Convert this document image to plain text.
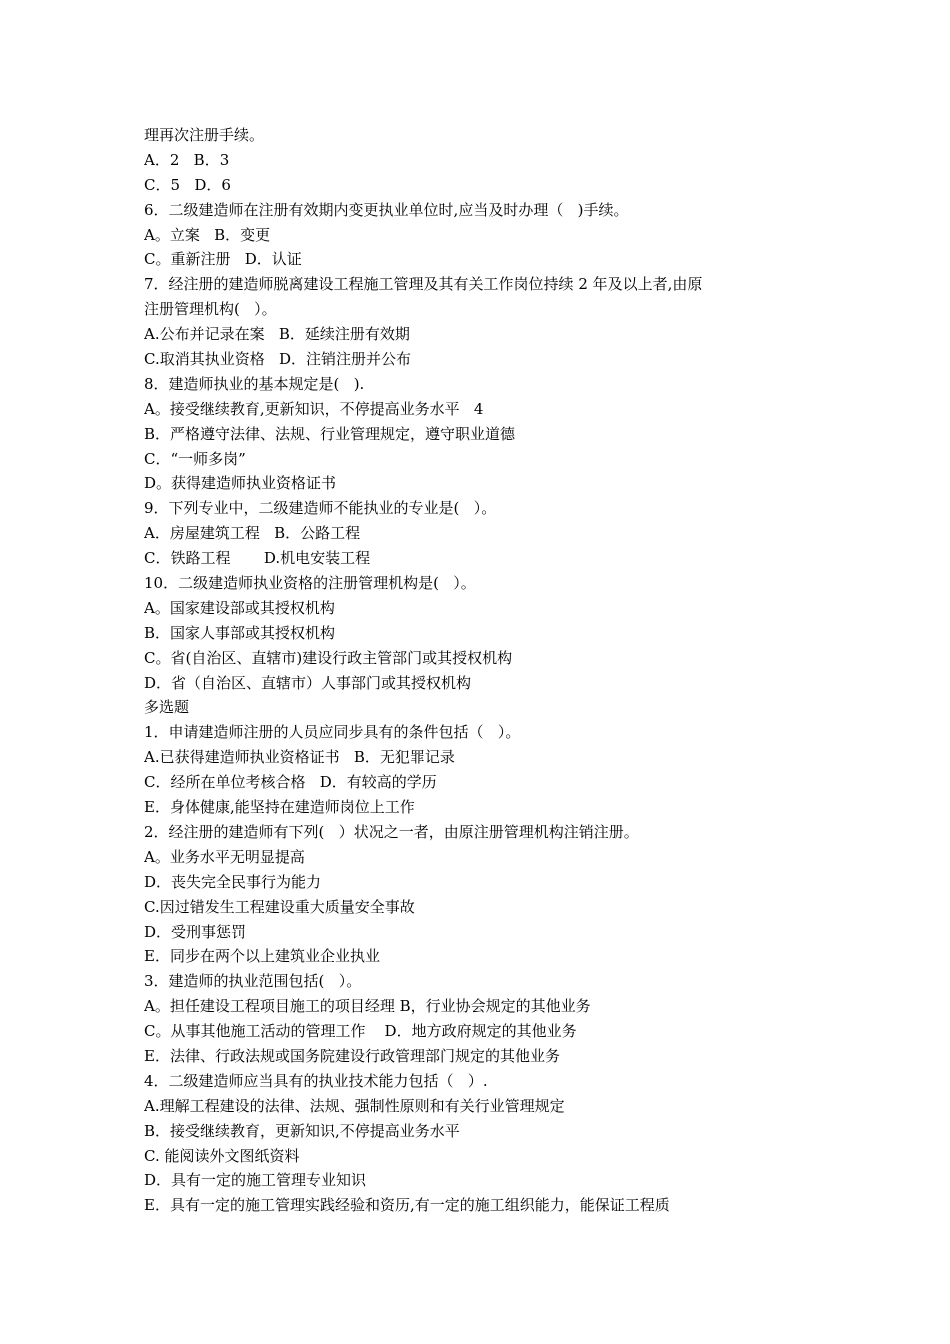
理再次注册手续。
A．2   B．3
C．5   D．6
6．二级建造师在注册有效期内变更执业单位时,应当及时办理（   )手续。
A。立案   B．变更
C。重新注册   D．认证
7．经注册的建造师脱离建设工程施工管理及其有关工作岗位持续 2 年及以上者,由原
注册管理机构(   ）。
A.公布并记录在案   B．延续注册有效期
C.取消其执业资格   D．注销注册并公布
8．建造师执业的基本规定是(   ).
A。接受继续教育,更新知识，不停提高业务水平   4
B．严格遵守法律、法规、行业管理规定，遵守职业道德
C．“一师多岗”
D。获得建造师执业资格证书
9．下列专业中，二级建造师不能执业的专业是(   ）。
A．房屋建筑工程   B．公路工程
C．铁路工程       D.机电安装工程
10．二级建造师执业资格的注册管理机构是(   ）。
A。国家建设部或其授权机构
B．国家人事部或其授权机构
C。省(自治区、直辖市)建设行政主管部门或其授权机构
D．省（自治区、直辖市）人事部门或其授权机构
多选题
1．申请建造师注册的人员应同步具有的条件包括（   ）。
A.已获得建造师执业资格证书   B．无犯罪记录
C．经所在单位考核合格   D．有较高的学历
E．身体健康,能坚持在建造师岗位上工作
2．经注册的建造师有下列(   ）状况之一者，由原注册管理机构注销注册。
A。业务水平无明显提高
D．丧失完全民事行为能力
C.因过错发生工程建设重大质量安全事故
D．受刑事惩罚
E．同步在两个以上建筑业企业执业
3．建造师的执业范围包括(   ）。
A。担任建设工程项目施工的项目经理 B，行业协会规定的其他业务
C。从事其他施工活动的管理工作    D．地方政府规定的其他业务
E．法律、行政法规或国务院建设行政管理部门规定的其他业务
4．二级建造师应当具有的执业技术能力包括（   ）.
A.理解工程建设的法律、法规、强制性原则和有关行业管理规定
B．接受继续教育，更新知识,不停提高业务水平
C. 能阅读外文图纸资料
D．具有一定的施工管理专业知识
E．具有一定的施工管理实践经验和资历,有一定的施工组织能力，能保证工程质
